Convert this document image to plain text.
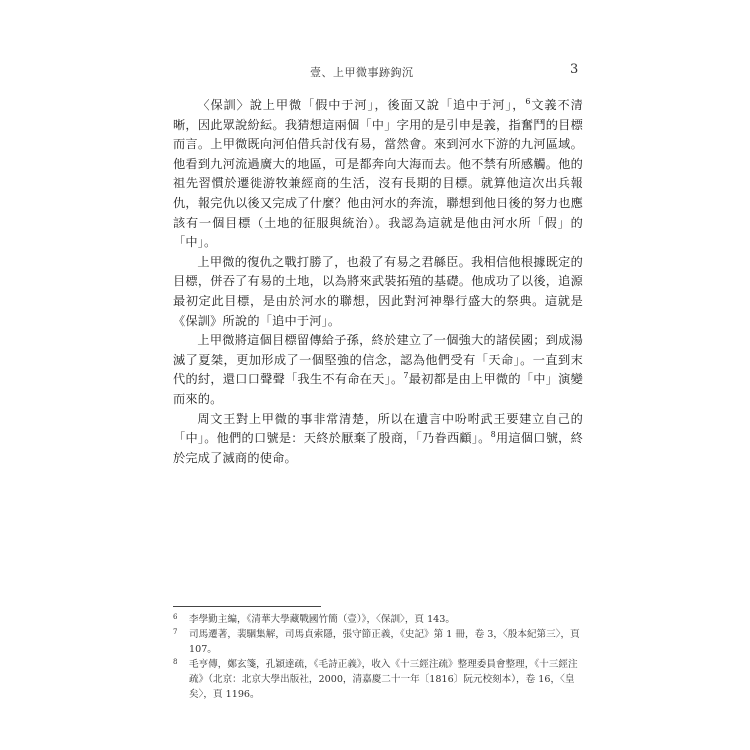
壹、上甲微事跡鉤沉	3

〈保訓〉說上甲微「假中于河」，後面又說「追中于河」，$^6$文義不清晰，因此眾說紛紜。我猜想這兩個「中」字用的是引申是義，指奮鬥的目標而言。上甲微既向河伯借兵討伐有易，當然會。來到河水下游的九河區域。他看到九河流過廣大的地區，可是都奔向大海而去。他不禁有所感觸。他的祖先習慣於遷徙游牧兼經商的生活，沒有長期的目標。就算他這次出兵報仇，報完仇以後又完成了什麼？他由河水的奔流，聯想到他日後的努力也應該有一個目標（土地的征服與統治）。我認為這就是他由河水所「假」的「中」。

上甲微的復仇之戰打勝了，也殺了有易之君緜臣。我相信他根據既定的目標，併吞了有易的土地，以為將來武裝拓殖的基礎。他成功了以後，追源最初定此目標，是由於河水的聯想，因此對河神舉行盛大的祭典。這就是《保訓》所說的「追中于河」。

上甲微將這個目標留傳給子孫，終於建立了一個強大的諸侯國；到成湯滅了夏桀，更加形成了一個堅強的信念，認為他們受有「天命」。一直到末代的紂，還口口聲聲「我生不有命在天」。$^7$最初都是由上甲微的「中」演變而來的。

周文王對上甲微的事非常清楚，所以在遺言中吩咐武王要建立自己的「中」。他們的口號是：天終於厭棄了殷商，「乃眷西顧」。$^8$用這個口號，終於完成了滅商的使命。

6 李學勤主編，《清華大學藏戰國竹簡（壹）》，〈保訓〉，頁 143。

7 司馬遷著，裴駰集解，司馬貞索隱，張守節正義，《史記》第 1 冊，卷 3，〈殷本紀第三〉，頁 107。

8 毛亨傳，鄭玄箋，孔穎達疏，《毛詩正義》，收入《十三經注疏》整理委員會整理，《十三經注疏》（北京：北京大學出版社，2000，清嘉慶二十一年〔1816〕阮元校刻本），卷 16，〈皇矣〉，頁 1196。
